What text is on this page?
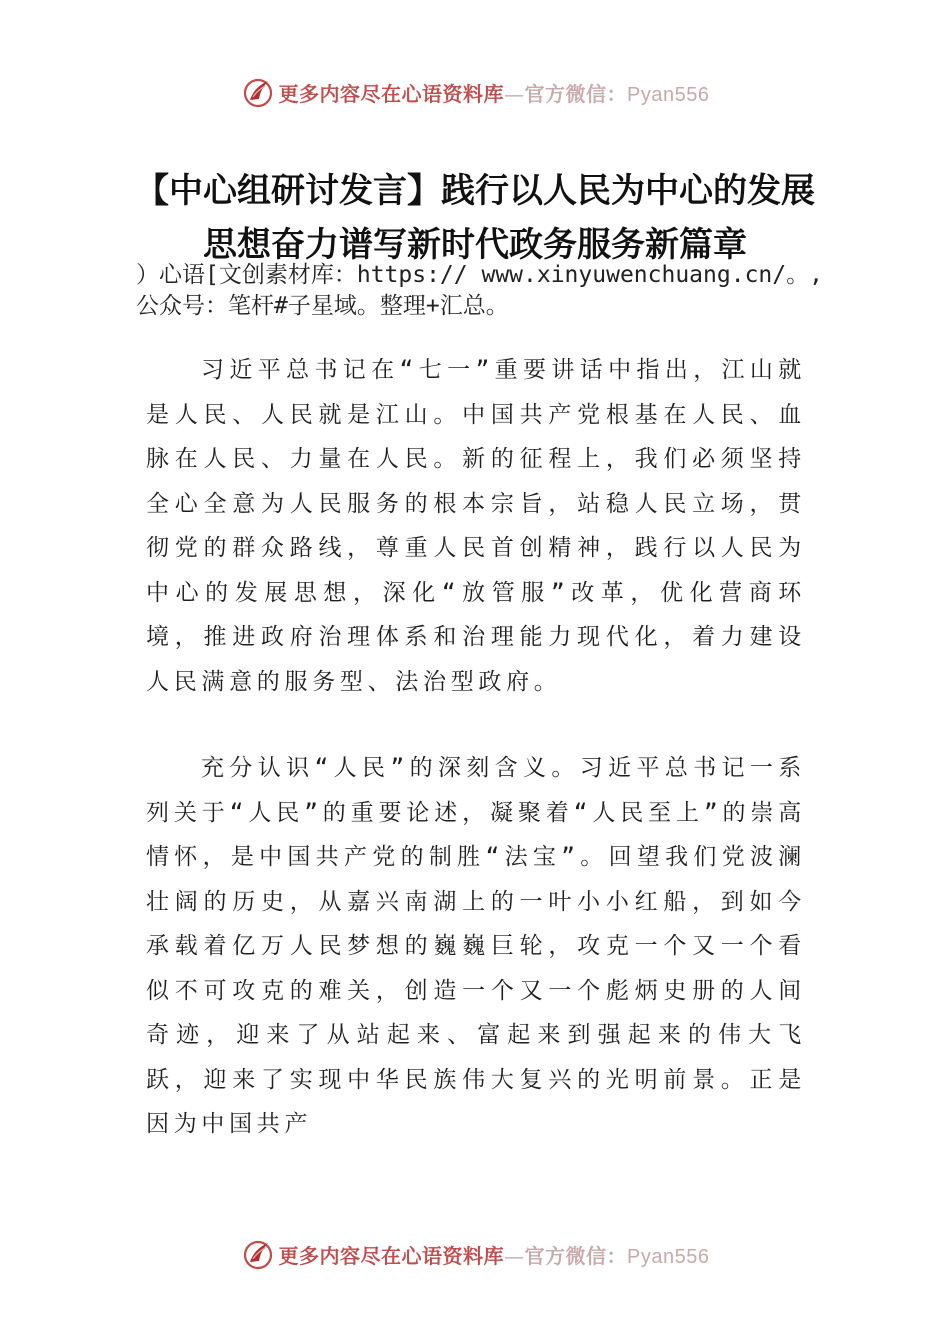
更多内容尽在心语资料库—官方微信：Pyan556
【中心组研讨发言】践行以人民为中心的发展思想奋力谱写新时代政务服务新篇章

）心语[文创素材库：https:// www.xinyuwenchuang.cn/。,公众号：笔杆#子星域。整理+汇总。

习近平总书记在“七一”重要讲话中指出，江山就是人民、人民就是江山。中国共产党根基在人民、血脉在人民、力量在人民。新的征程上，我们必须坚持全心全意为人民服务的根本宗旨，站稳人民立场，贯彻党的群众路线，尊重人民首创精神，践行以人民为中心的发展思想，深化“放管服”改革，优化营商环境，推进政府治理体系和治理能力现代化，着力建设人民满意的服务型、法治型政府。

充分认识“人民”的深刻含义。习近平总书记一系列关于“人民”的重要论述，凝聚着“人民至上”的崇高情怀，是中国共产党的制胜“法宝”。回望我们党波澜壮阔的历史，从嘉兴南湖上的一叶小小红船，到如今承载着亿万人民梦想的巍巍巨轮，攻克一个又一个看似不可攻克的难关，创造一个又一个彪炳史册的人间奇迹，迎来了从站起来、富起来到强起来的伟大飞跃，迎来了实现中华民族伟大复兴的光明前景。正是因为中国共产

更多内容尽在心语资料库—官方微信：Pyan556
